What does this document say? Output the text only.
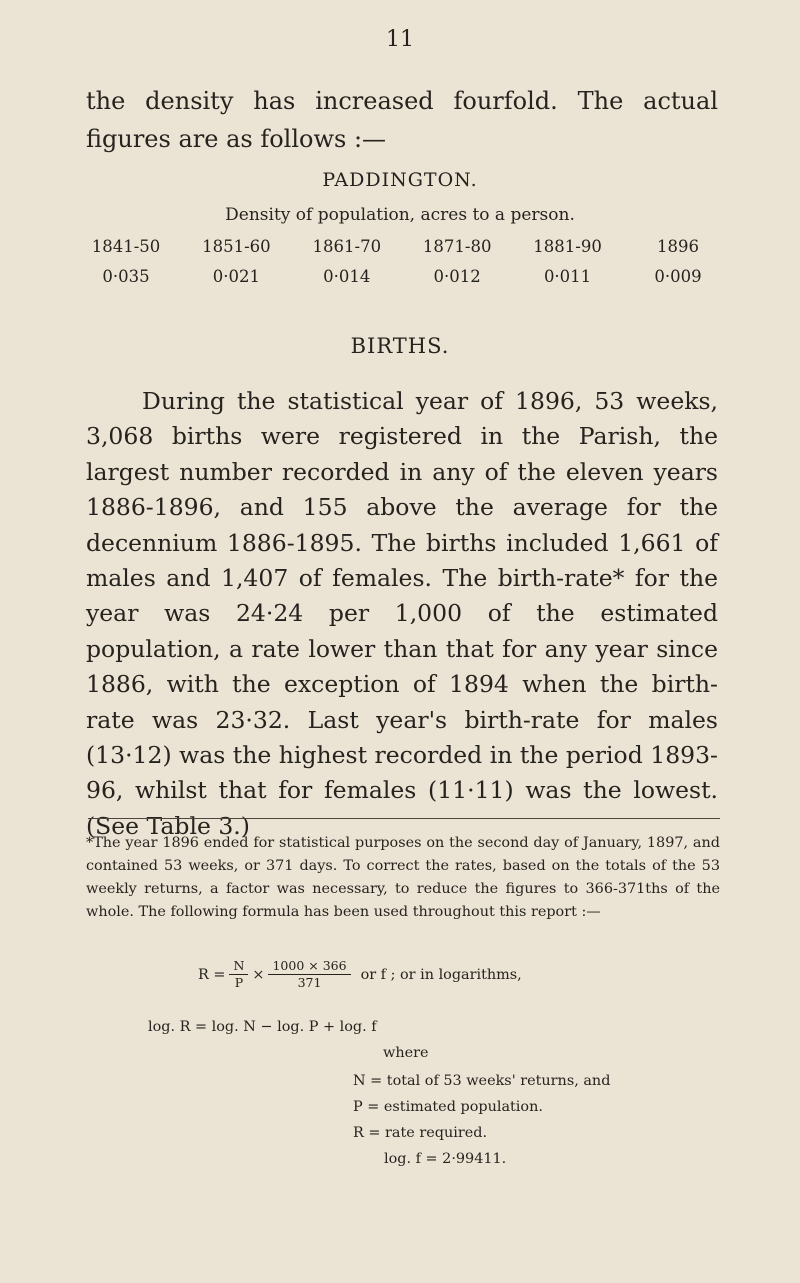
11

the density has increased fourfold. The actual figures are as follows :—

PADDINGTON.
Density of population, acres to a person.
1841-50	1851-60	1861-70	1871-80	1881-90	1896
0·035	0·021	0·014	0·012	0·011	0·009
BIRTHS.

During the statistical year of 1896, 53 weeks, 3,068 births were registered in the Parish, the largest number recorded in any of the eleven years 1886-1896, and 155 above the average for the decennium 1886-1895. The births included 1,661 of males and 1,407 of females. The birth-rate* for the year was 24·24 per 1,000 of the estimated population, a rate lower than that for any year since 1886, with the exception of 1894 when the birth-rate was 23·32. Last year's birth-rate for males (13·12) was the highest recorded in the period 1893-96, whilst that for females (11·11) was the lowest. (See Table 3.)

*The year 1896 ended for statistical purposes on the second day of January, 1897, and contained 53 weeks, or 371 days. To correct the rates, based on the totals of the 53 weekly returns, a factor was necessary, to reduce the figures to 366-371ths of the whole. The following formula has been used throughout this report :—

$R = \frac{N}{P} \times \frac{1000 \times 366}{371}$ or f ; or in logarithms,
log. R = log. N − log. P + log. f
where
N = total of 53 weeks' returns, and
P = estimated population.
R = rate required.
log. f = 2·99411.
